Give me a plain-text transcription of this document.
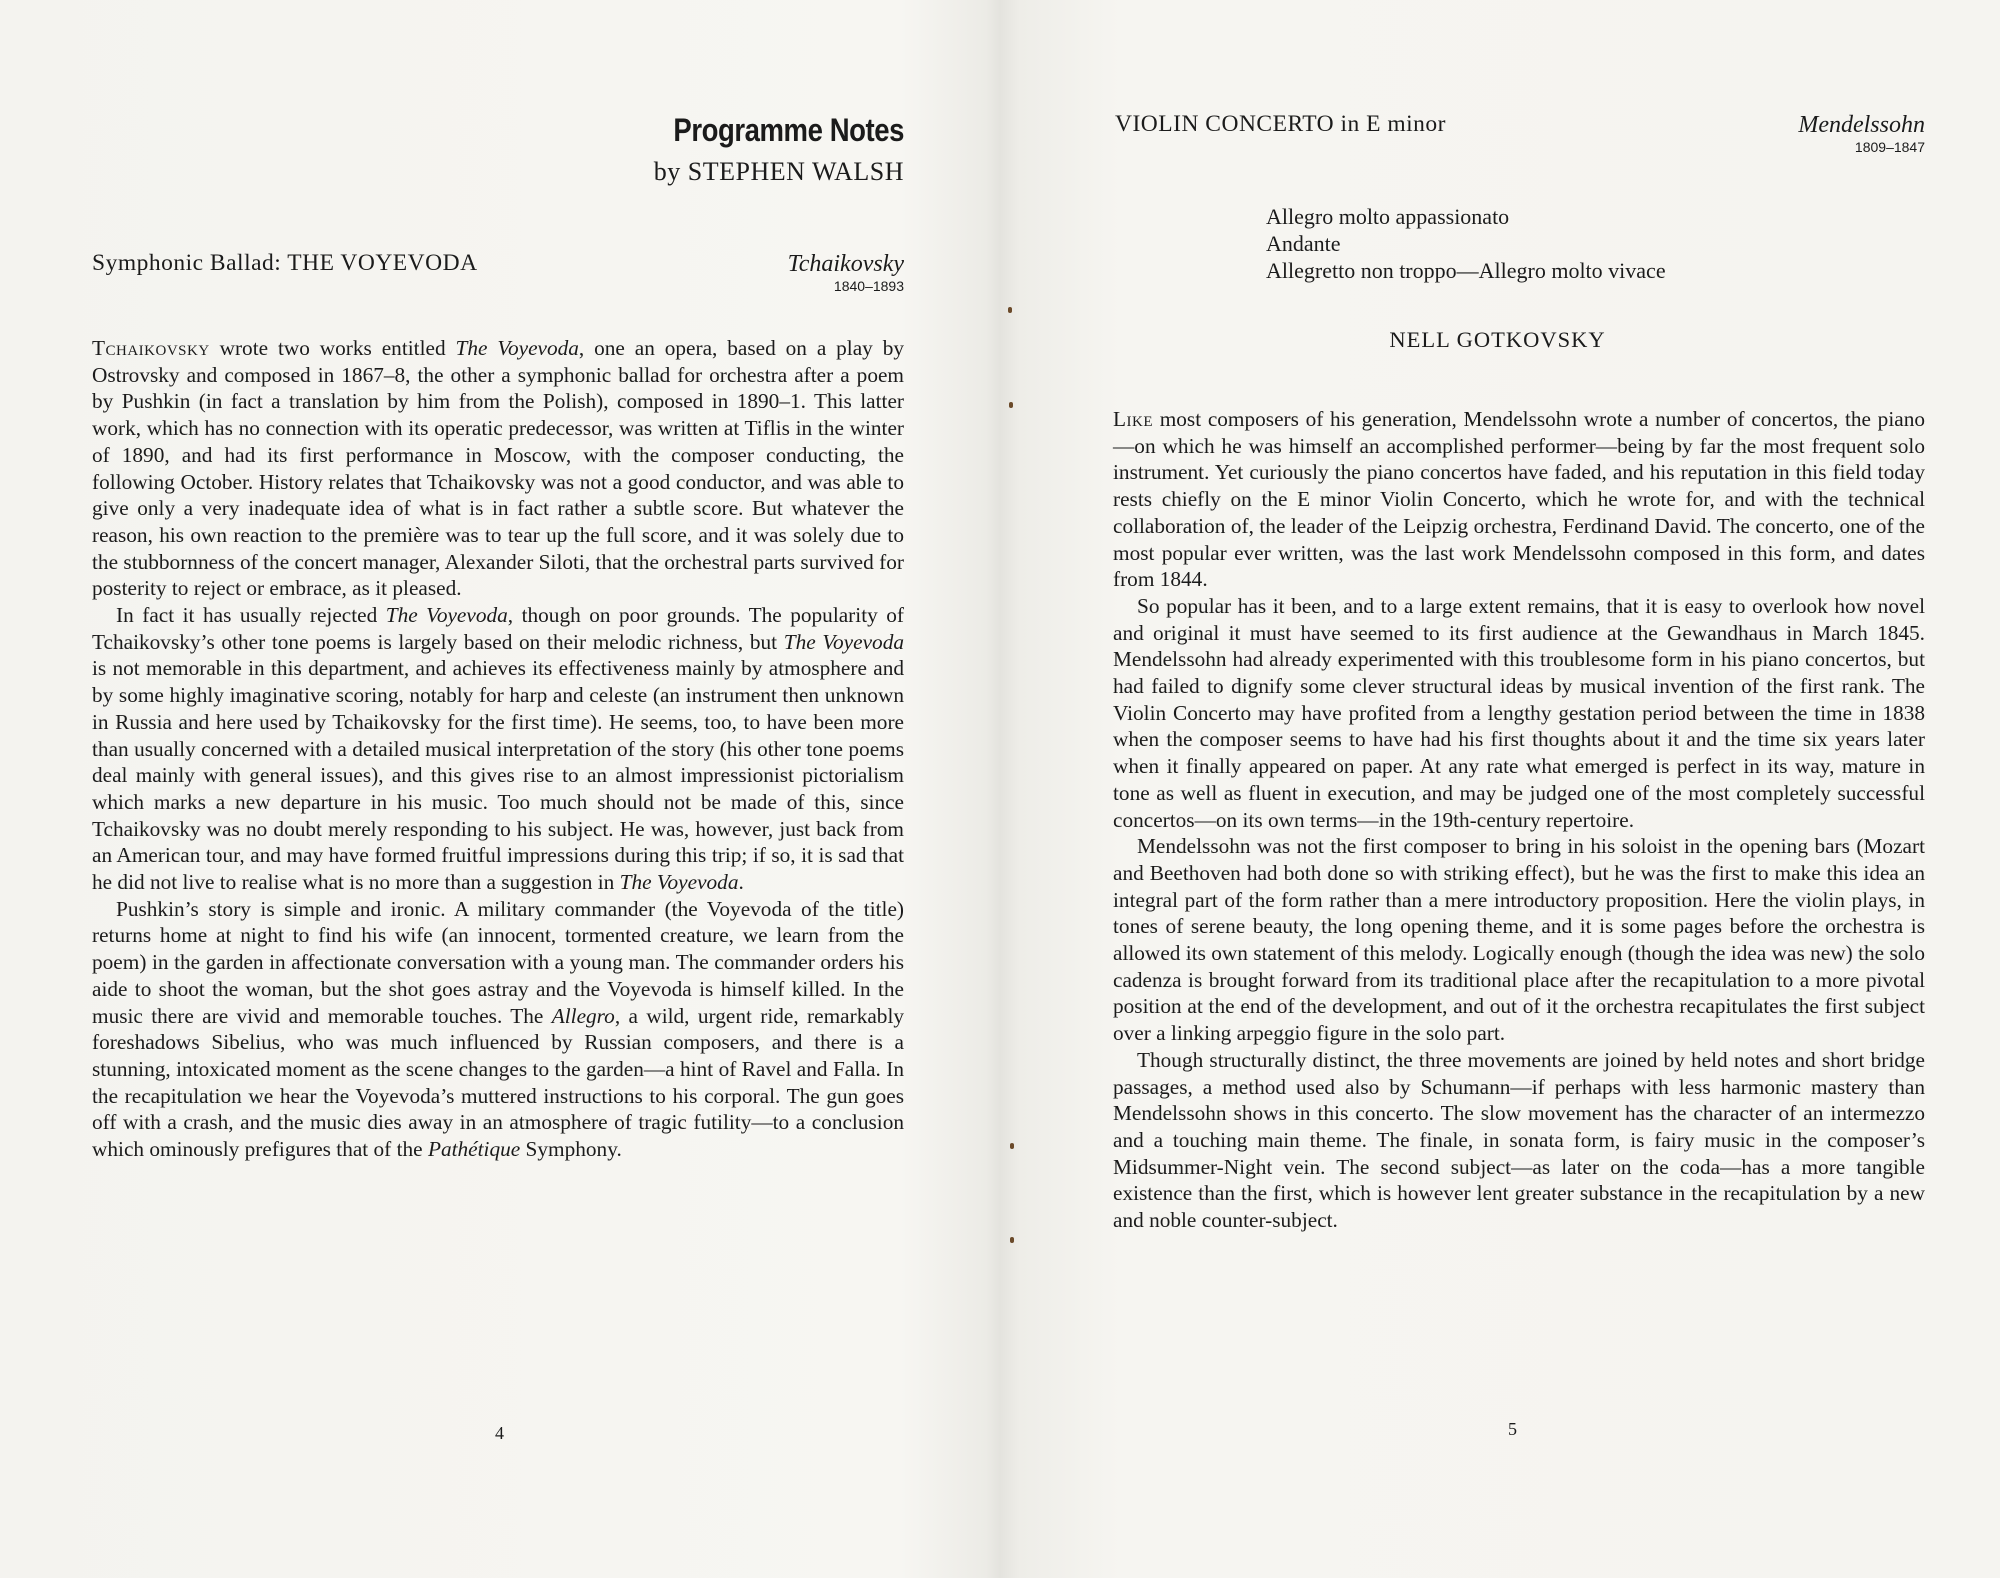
Programme Notes
by STEPHEN WALSH
Symphonic Ballad: THE VOYEVODA	Tchaikovsky
1840–1893

Tchaikovsky wrote two works entitled The Voyevoda, one an opera, based on a play by Ostrovsky and composed in 1867–8, the other a symphonic ballad for orchestra after a poem by Pushkin (in fact a translation by him from the Polish), composed in 1890–1. This latter work, which has no connection with its operatic predecessor, was written at Tiflis in the winter of 1890, and had its first performance in Moscow, with the composer conducting, the following October. History relates that Tchaikovsky was not a good conductor, and was able to give only a very inadequate idea of what is in fact rather a subtle score. But whatever the reason, his own reaction to the première was to tear up the full score, and it was solely due to the stubbornness of the concert manager, Alexander Siloti, that the orchestral parts survived for posterity to reject or embrace, as it pleased.

In fact it has usually rejected The Voyevoda, though on poor grounds. The popularity of Tchaikovsky’s other tone poems is largely based on their melodic richness, but The Voyevoda is not memorable in this department, and achieves its effectiveness mainly by atmosphere and by some highly imaginative scoring, notably for harp and celeste (an instrument then unknown in Russia and here used by Tchaikovsky for the first time). He seems, too, to have been more than usually concerned with a detailed musical interpretation of the story (his other tone poems deal mainly with general issues), and this gives rise to an almost impressionist pictorialism which marks a new departure in his music. Too much should not be made of this, since Tchaikovsky was no doubt merely responding to his subject. He was, however, just back from an American tour, and may have formed fruitful impressions during this trip; if so, it is sad that he did not live to realise what is no more than a suggestion in The Voyevoda.

Pushkin’s story is simple and ironic. A military commander (the Voyevoda of the title) returns home at night to find his wife (an innocent, tormented creature, we learn from the poem) in the garden in affectionate conversation with a young man. The commander orders his aide to shoot the woman, but the shot goes astray and the Voyevoda is himself killed. In the music there are vivid and memorable touches. The Allegro, a wild, urgent ride, remarkably foreshadows Sibelius, who was much influenced by Russian composers, and there is a stunning, intoxicated moment as the scene changes to the garden—a hint of Ravel and Falla. In the recapitulation we hear the Voyevoda’s muttered instructions to his corporal. The gun goes off with a crash, and the music dies away in an atmosphere of tragic futility—to a conclusion which ominously prefigures that of the Pathétique Symphony.

4
VIOLIN CONCERTO in E minor	Mendelssohn
1809–1847
Allegro molto appassionato
Andante
Allegretto non troppo—Allegro molto vivace
NELL GOTKOVSKY

Like most composers of his generation, Mendelssohn wrote a number of concertos, the piano—on which he was himself an accomplished performer—being by far the most frequent solo instrument. Yet curiously the piano concertos have faded, and his reputation in this field today rests chiefly on the E minor Violin Concerto, which he wrote for, and with the technical collaboration of, the leader of the Leipzig orchestra, Ferdinand David. The concerto, one of the most popular ever written, was the last work Mendelssohn composed in this form, and dates from 1844.

So popular has it been, and to a large extent remains, that it is easy to overlook how novel and original it must have seemed to its first audience at the Gewandhaus in March 1845. Mendelssohn had already experimented with this troublesome form in his piano concertos, but had failed to dignify some clever structural ideas by musical invention of the first rank. The Violin Concerto may have profited from a lengthy gestation period between the time in 1838 when the composer seems to have had his first thoughts about it and the time six years later when it finally appeared on paper. At any rate what emerged is perfect in its way, mature in tone as well as fluent in execution, and may be judged one of the most completely successful concertos—on its own terms—in the 19th-century repertoire.

Mendelssohn was not the first composer to bring in his soloist in the opening bars (Mozart and Beethoven had both done so with striking effect), but he was the first to make this idea an integral part of the form rather than a mere introductory proposition. Here the violin plays, in tones of serene beauty, the long opening theme, and it is some pages before the orchestra is allowed its own statement of this melody. Logically enough (though the idea was new) the solo cadenza is brought forward from its traditional place after the recapitulation to a more pivotal position at the end of the development, and out of it the orchestra recapitulates the first subject over a linking arpeggio figure in the solo part.

Though structurally distinct, the three movements are joined by held notes and short bridge passages, a method used also by Schumann—if perhaps with less harmonic mastery than Mendelssohn shows in this concerto. The slow movement has the character of an intermezzo and a touching main theme. The finale, in sonata form, is fairy music in the composer’s Midsummer-Night vein. The second subject—as later on the coda—has a more tangible existence than the first, which is however lent greater substance in the recapitulation by a new and noble counter-subject.

5
